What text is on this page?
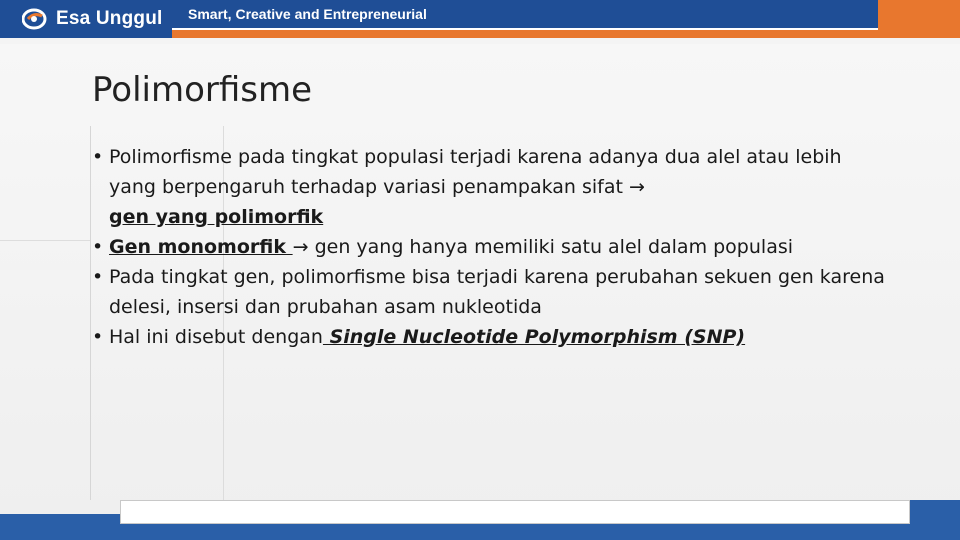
Esa Unggul Smart, Creative and Entrepreneurial
Polimorfisme
• Polimorfisme pada tingkat populasi terjadi karena adanya dua alel atau lebih yang berpengaruh terhadap variasi penampakan sifat →
gen yang polimorfik
• Gen monomorfik → gen yang hanya memiliki satu alel dalam populasi
• Pada tingkat gen, polimorfisme bisa terjadi karena perubahan sekuen gen karena delesi, insersi dan prubahan asam nukleotida
• Hal ini disebut dengan Single Nucleotide Polymorphism (SNP)
